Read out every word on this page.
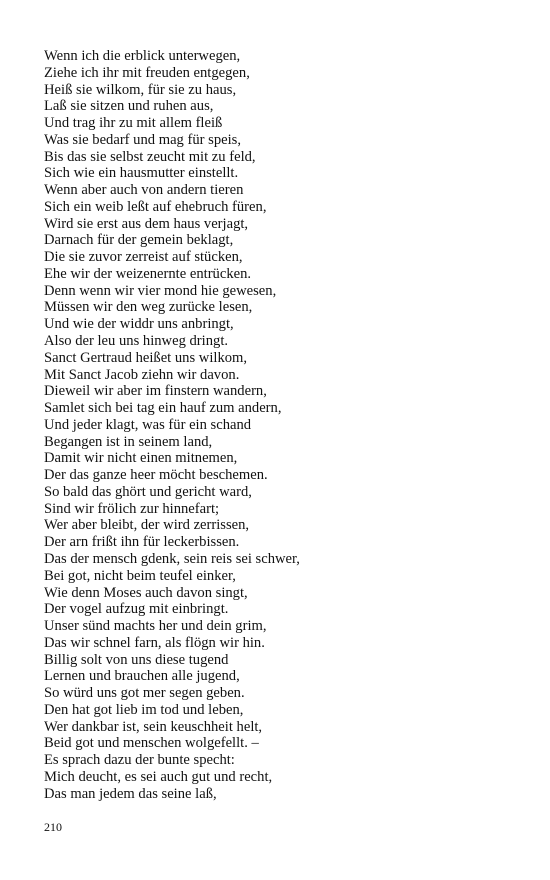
Wenn ich die erblick unterwegen,
Ziehe ich ihr mit freuden entgegen,
Heiß sie wilkom, für sie zu haus,
Laß sie sitzen und ruhen aus,
Und trag ihr zu mit allem fleiß
Was sie bedarf und mag für speis,
Bis das sie selbst zeucht mit zu feld,
Sich wie ein hausmutter einstellt.
Wenn aber auch von andern tieren
Sich ein weib leßt auf ehebruch füren,
Wird sie erst aus dem haus verjagt,
Darnach für der gemein beklagt,
Die sie zuvor zerreist auf stücken,
Ehe wir der weizenernte entrücken.
Denn wenn wir vier mond hie gewesen,
Müssen wir den weg zurücke lesen,
Und wie der widdr uns anbringt,
Also der leu uns hinweg dringt.
Sanct Gertraud heißet uns wilkom,
Mit Sanct Jacob ziehn wir davon.
Dieweil wir aber im finstern wandern,
Samlet sich bei tag ein hauf zum andern,
Und jeder klagt, was für ein schand
Begangen ist in seinem land,
Damit wir nicht einen mitnemen,
Der das ganze heer möcht beschemen.
So bald das ghört und gericht ward,
Sind wir frölich zur hinnefart;
Wer aber bleibt, der wird zerrissen,
Der arn frißt ihn für leckerbissen.
Das der mensch gdenk, sein reis sei schwer,
Bei got, nicht beim teufel einker,
Wie denn Moses auch davon singt,
Der vogel aufzug mit einbringt.
Unser sünd machts her und dein grim,
Das wir schnel farn, als flögn wir hin.
Billig solt von uns diese tugend
Lernen und brauchen alle jugend,
So würd uns got mer segen geben.
Den hat got lieb im tod und leben,
Wer dankbar ist, sein keuschheit helt,
Beid got und menschen wolgefellt. –
Es sprach dazu der bunte specht:
Mich deucht, es sei auch gut und recht,
Das man jedem das seine laß,
210
